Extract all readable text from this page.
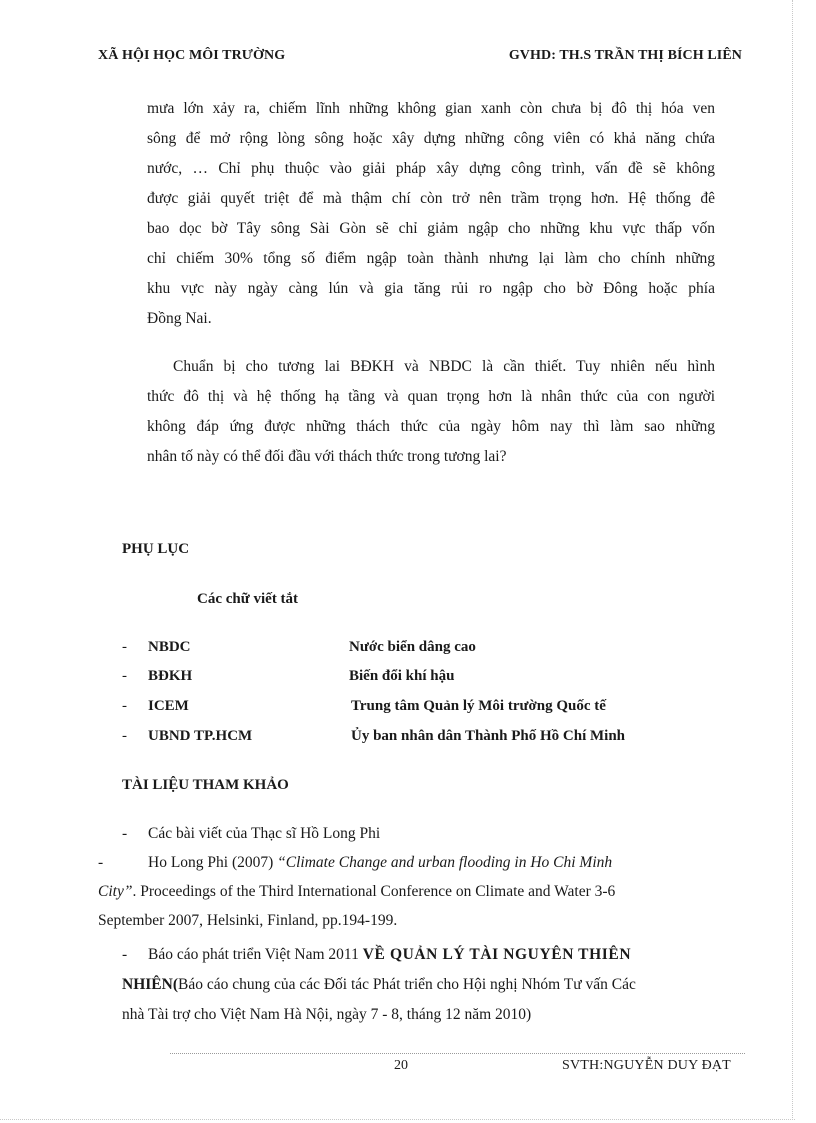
XÃ HỘI HỌC MÔI TRƯỜNG	GVHD: TH.S TRẦN THỊ BÍCH LIÊN
mưa lớn xảy ra, chiếm lĩnh những không gian xanh còn chưa bị đô thị hóa ven
sông để mở rộng lòng sông hoặc xây dựng những công viên có khả năng chứa
nước, … Chỉ phụ thuộc vào giải pháp xây dựng công trình, vấn đề sẽ không
được giải quyết triệt để mà thậm chí còn trở nên trầm trọng hơn. Hệ thống đê
bao dọc bờ Tây sông Sài Gòn sẽ chỉ giảm ngập cho những khu vực thấp vốn
chỉ chiếm 30% tổng số điểm ngập toàn thành nhưng lại làm cho chính những
khu vực này ngày càng lún và gia tăng rủi ro ngập cho bờ Đông hoặc phía
Đồng Nai.
Chuẩn bị cho tương lai BĐKH và NBDC là cần thiết. Tuy nhiên nếu hình
thức đô thị và hệ thống hạ tầng và quan trọng hơn là nhân thức của con người
không đáp ứng được những thách thức của ngày hôm nay thì làm sao những
nhân tố này có thể đối đầu với thách thức trong tương lai?
PHỤ LỤC
Các chữ viết tắt
- NBDC	Nước biển dâng cao
- BĐKH	Biến đổi khí hậu
- ICEM	Trung tâm Quản lý Môi trường Quốc tế
- UBND TP.HCM	Ủy ban nhân dân Thành Phố Hồ Chí Minh
TÀI LIỆU THAM KHẢO
- Các bài viết của Thạc sĩ Hồ Long Phi
-	Ho Long Phi (2007) “Climate Change and urban flooding in Ho Chi Minh
City”. Proceedings of the Third International Conference on Climate and Water 3-6
September 2007, Helsinki, Finland, pp.194-199.
- Báo cáo phát triển Việt Nam 2011 VỀ QUẢN LÝ TÀI NGUYÊN THIÊN
NHIÊN(Báo cáo chung của các Đối tác Phát triển cho Hội nghị Nhóm Tư vấn Các
nhà Tài trợ cho Việt Nam Hà Nội, ngày 7 - 8, tháng 12 năm 2010)
20	SVTH:NGUYỄN DUY ĐẠT
